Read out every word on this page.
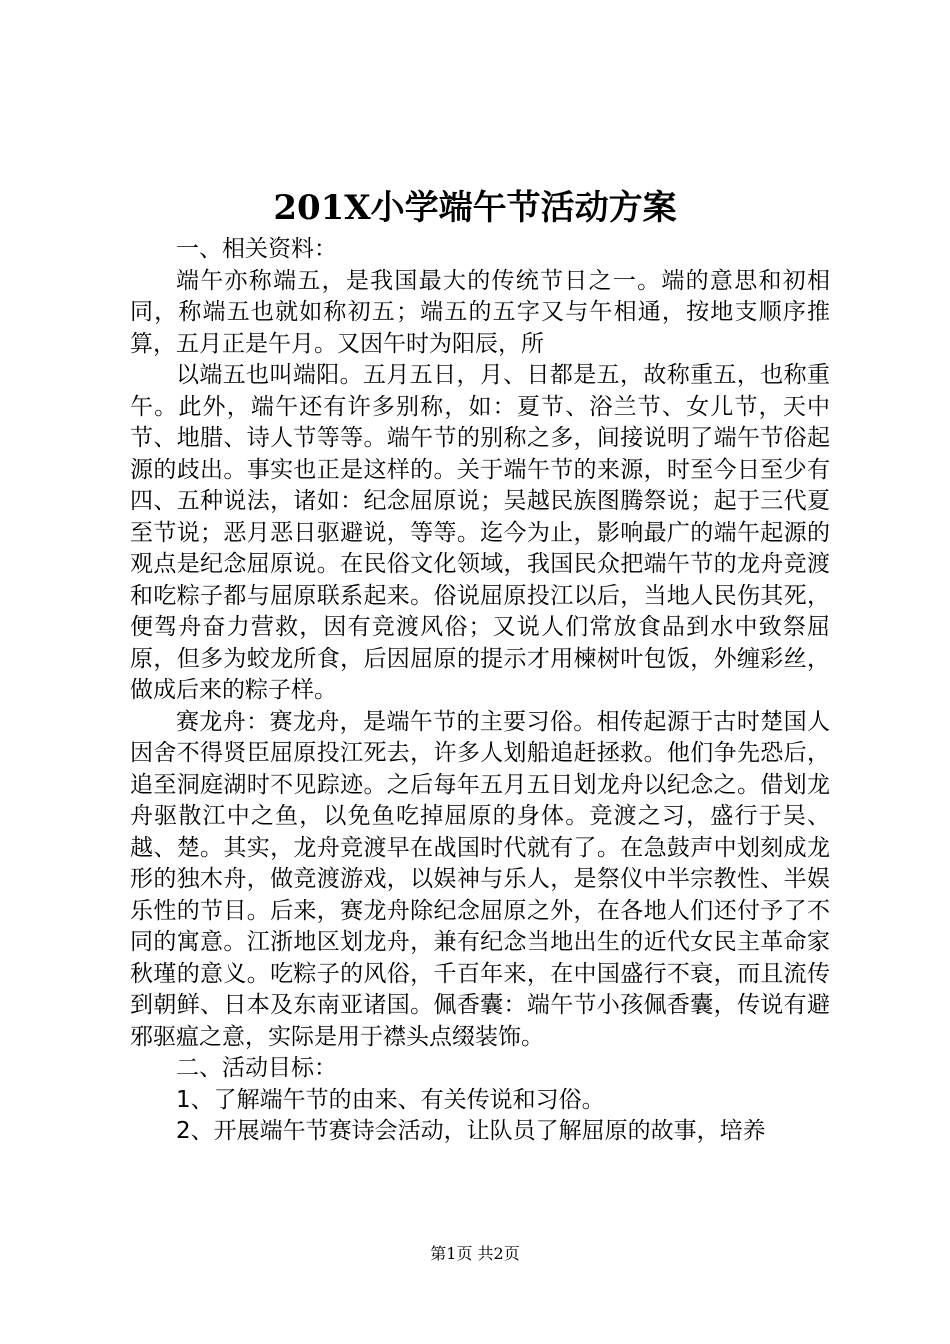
201X小学端午节活动方案

一、相关资料：

端午亦称端五，是我国最大的传统节日之一。端的意思和初相同，称端五也就如称初五；端五的五字又与午相通，按地支顺序推算，五月正是午月。又因午时为阳辰，所

以端五也叫端阳。五月五日，月、日都是五，故称重五，也称重午。此外，端午还有许多别称，如：夏节、浴兰节、女儿节，天中节、地腊、诗人节等等。端午节的别称之多，间接说明了端午节俗起源的歧出。事实也正是这样的。关于端午节的来源，时至今日至少有四、五种说法，诸如：纪念屈原说；吴越民族图腾祭说；起于三代夏至节说；恶月恶日驱避说，等等。迄今为止，影响最广的端午起源的观点是纪念屈原说。在民俗文化领域，我国民众把端午节的龙舟竞渡和吃粽子都与屈原联系起来。俗说屈原投江以后，当地人民伤其死，便驾舟奋力营救，因有竞渡风俗；又说人们常放食品到水中致祭屈原，但多为蛟龙所食，后因屈原的提示才用楝树叶包饭，外缠彩丝，做成后来的粽子样。

赛龙舟：赛龙舟，是端午节的主要习俗。相传起源于古时楚国人因舍不得贤臣屈原投江死去，许多人划船追赶拯救。他们争先恐后，追至洞庭湖时不见踪迹。之后每年五月五日划龙舟以纪念之。借划龙舟驱散江中之鱼，以免鱼吃掉屈原的身体。竞渡之习，盛行于吴、越、楚。其实，龙舟竞渡早在战国时代就有了。在急鼓声中划刻成龙形的独木舟，做竞渡游戏，以娱神与乐人，是祭仪中半宗教性、半娱乐性的节目。后来，赛龙舟除纪念屈原之外，在各地人们还付予了不同的寓意。江浙地区划龙舟，兼有纪念当地出生的近代女民主革命家秋瑾的意义。吃粽子的风俗，千百年来，在中国盛行不衰，而且流传到朝鲜、日本及东南亚诸国。佩香囊：端午节小孩佩香囊，传说有避邪驱瘟之意，实际是用于襟头点缀装饰。

二、活动目标：

1、了解端午节的由来、有关传说和习俗。

2、开展端午节赛诗会活动，让队员了解屈原的故事，培养

第1页 共2页
